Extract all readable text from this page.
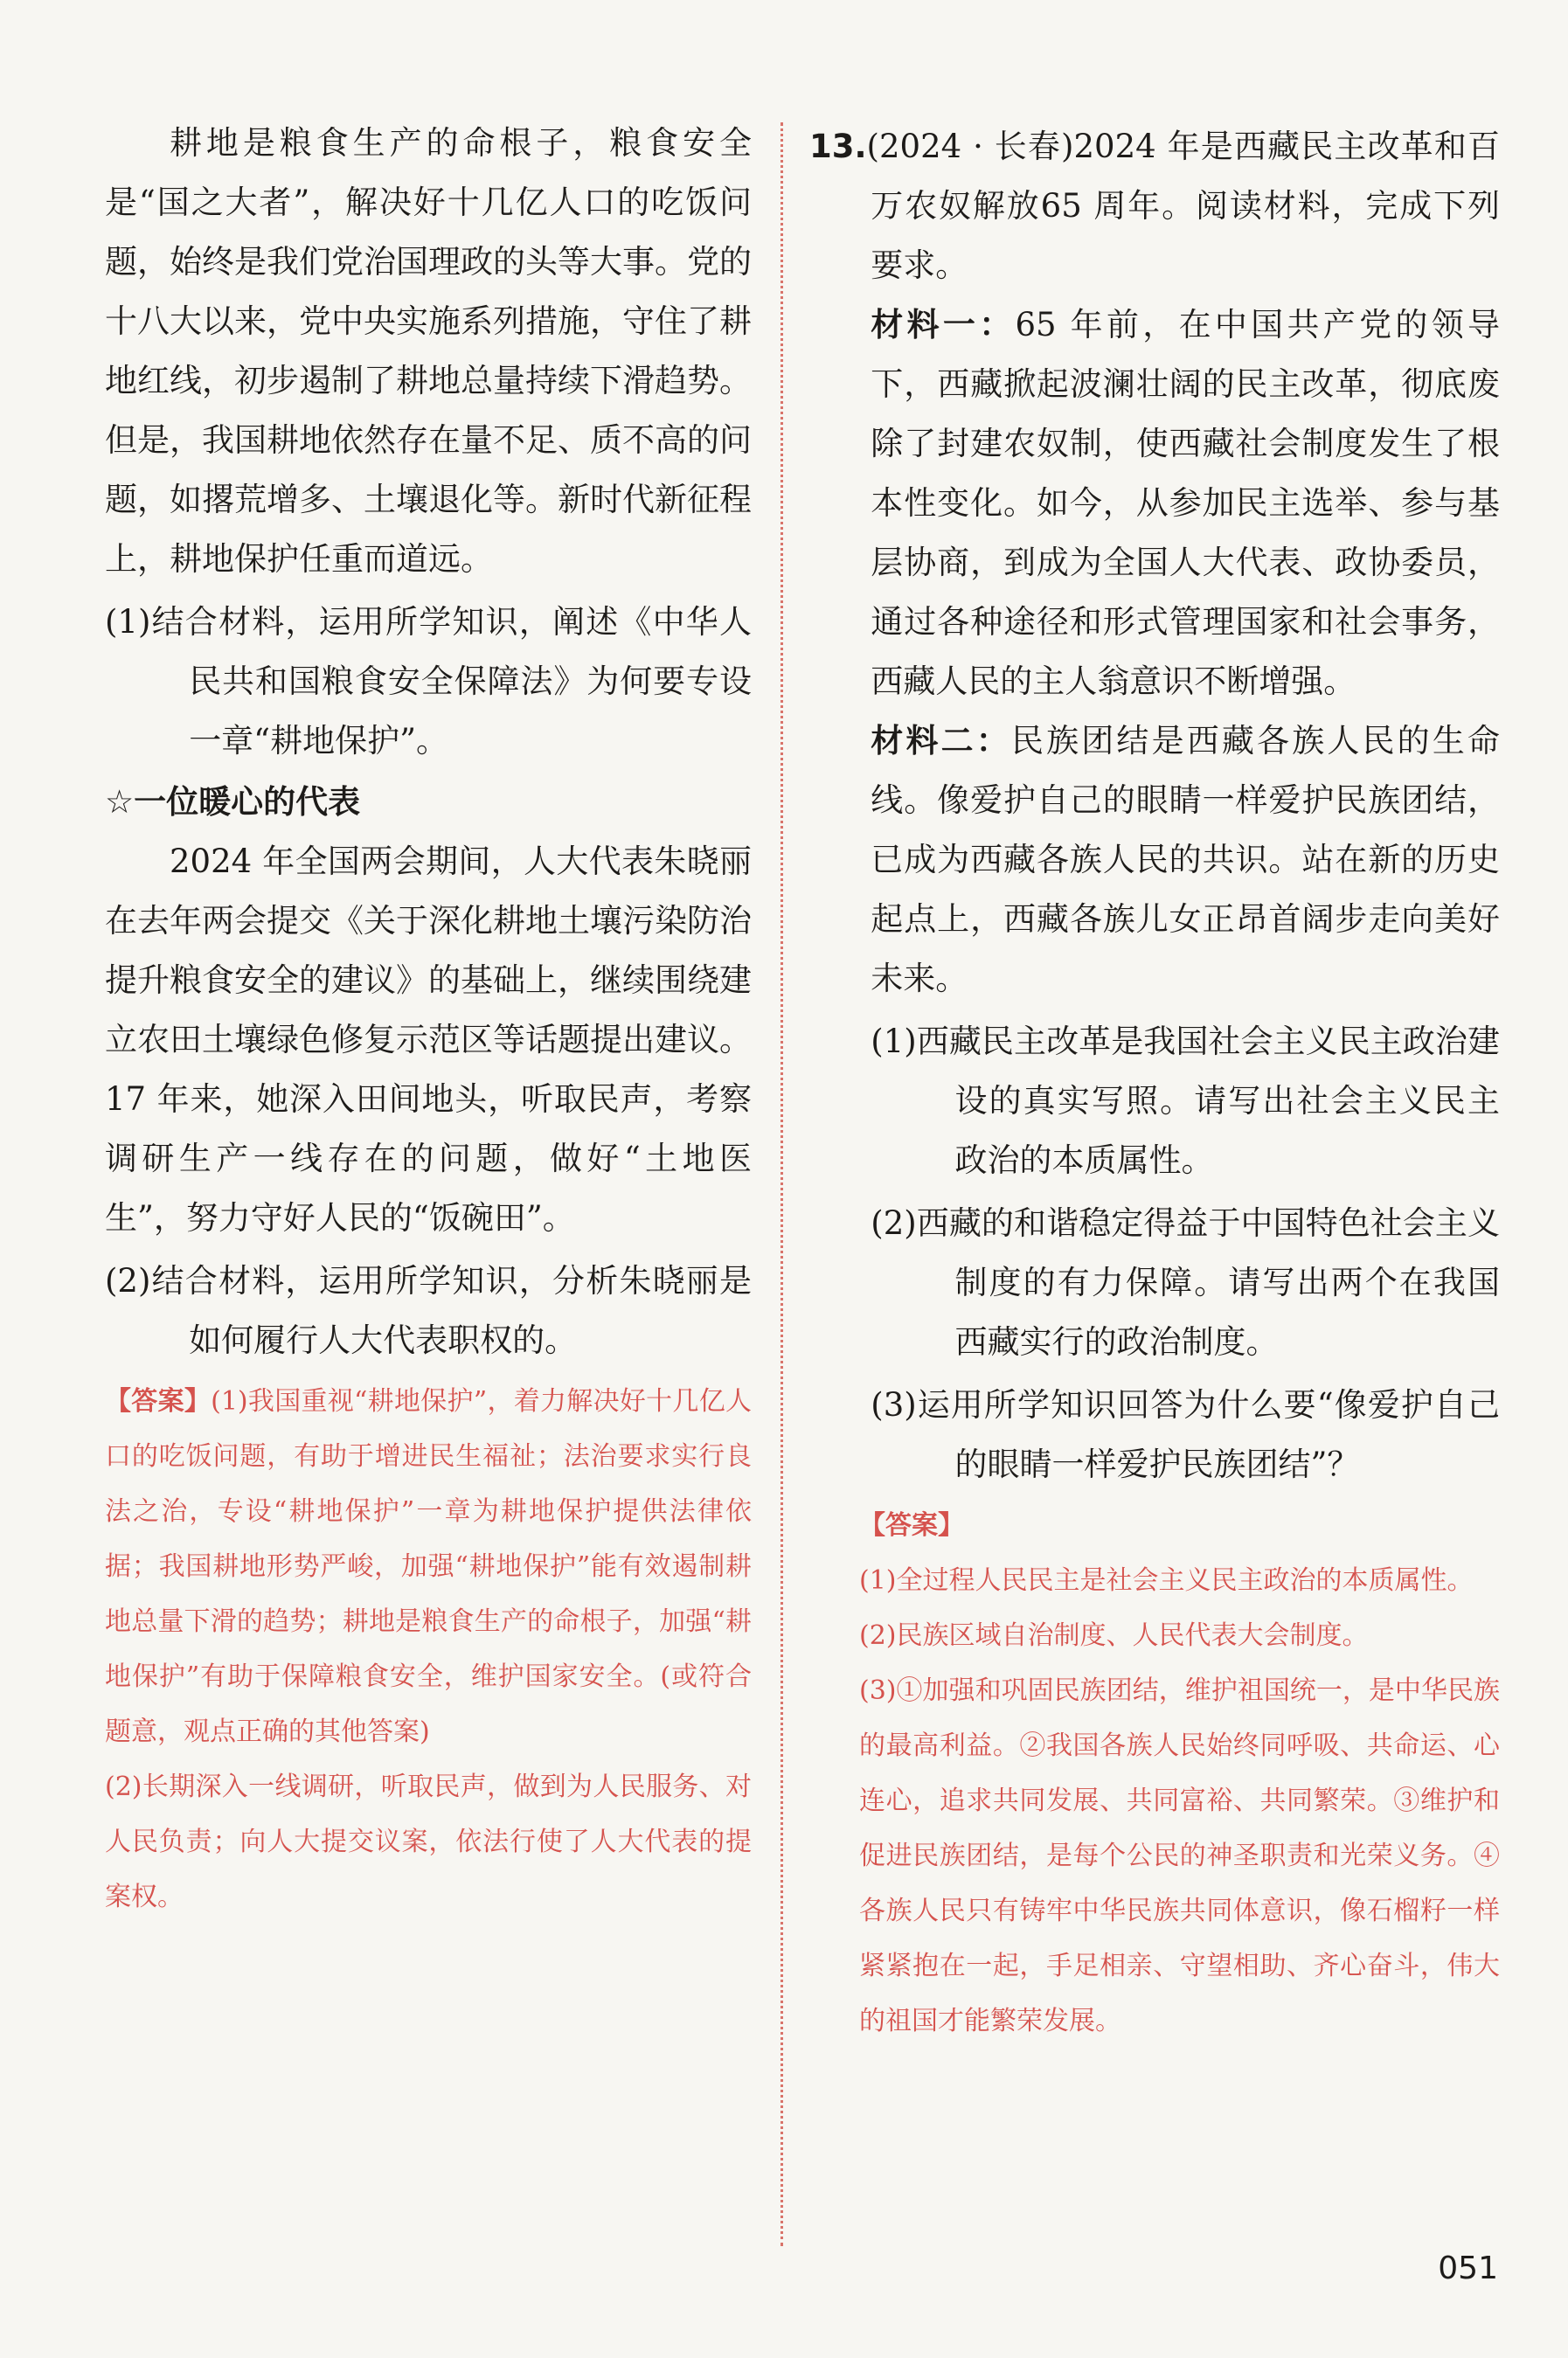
耕地是粮食生产的命根子，粮食安全是“国之大者”，解决好十几亿人口的吃饭问题，始终是我们党治国理政的头等大事。党的十八大以来，党中央实施系列措施，守住了耕地红线，初步遏制了耕地总量持续下滑趋势。但是，我国耕地依然存在量不足、质不高的问题，如撂荒增多、土壤退化等。新时代新征程上，耕地保护任重而道远。

(1)结合材料，运用所学知识，阐述《中华人民共和国粮食安全保障法》为何要专设一章“耕地保护”。

☆一位暖心的代表

2024 年全国两会期间，人大代表朱晓丽在去年两会提交《关于深化耕地土壤污染防治　提升粮食安全的建议》的基础上，继续围绕建立农田土壤绿色修复示范区等话题提出建议。17 年来，她深入田间地头，听取民声，考察调研生产一线存在的问题，做好“土地医生”，努力守好人民的“饭碗田”。

(2)结合材料，运用所学知识，分析朱晓丽是如何履行人大代表职权的。

【答案】(1)我国重视“耕地保护”，着力解决好十几亿人口的吃饭问题，有助于增进民生福祉；法治要求实行良法之治，专设“耕地保护”一章为耕地保护提供法律依据；我国耕地形势严峻，加强“耕地保护”能有效遏制耕地总量下滑的趋势；耕地是粮食生产的命根子，加强“耕地保护”有助于保障粮食安全，维护国家安全。(或符合题意，观点正确的其他答案)

(2)长期深入一线调研，听取民声，做到为人民服务、对人民负责；向人大提交议案，依法行使了人大代表的提案权。

13.(2024 · 长春)2024 年是西藏民主改革和百万农奴解放65 周年。阅读材料，完成下列要求。

材料一：65 年前，在中国共产党的领导下，西藏掀起波澜壮阔的民主改革，彻底废除了封建农奴制，使西藏社会制度发生了根本性变化。如今，从参加民主选举、参与基层协商，到成为全国人大代表、政协委员，通过各种途径和形式管理国家和社会事务，西藏人民的主人翁意识不断增强。

材料二：民族团结是西藏各族人民的生命线。像爱护自己的眼睛一样爱护民族团结，已成为西藏各族人民的共识。站在新的历史起点上，西藏各族儿女正昂首阔步走向美好未来。

(1)西藏民主改革是我国社会主义民主政治建设的真实写照。请写出社会主义民主政治的本质属性。

(2)西藏的和谐稳定得益于中国特色社会主义制度的有力保障。请写出两个在我国西藏实行的政治制度。

(3)运用所学知识回答为什么要“像爱护自己的眼睛一样爱护民族团结”？

【答案】

(1)全过程人民民主是社会主义民主政治的本质属性。

(2)民族区域自治制度、人民代表大会制度。

(3)①加强和巩固民族团结，维护祖国统一，是中华民族的最高利益。②我国各族人民始终同呼吸、共命运、心连心，追求共同发展、共同富裕、共同繁荣。③维护和促进民族团结，是每个公民的神圣职责和光荣义务。④各族人民只有铸牢中华民族共同体意识，像石榴籽一样紧紧抱在一起，手足相亲、守望相助、齐心奋斗，伟大的祖国才能繁荣发展。

051
